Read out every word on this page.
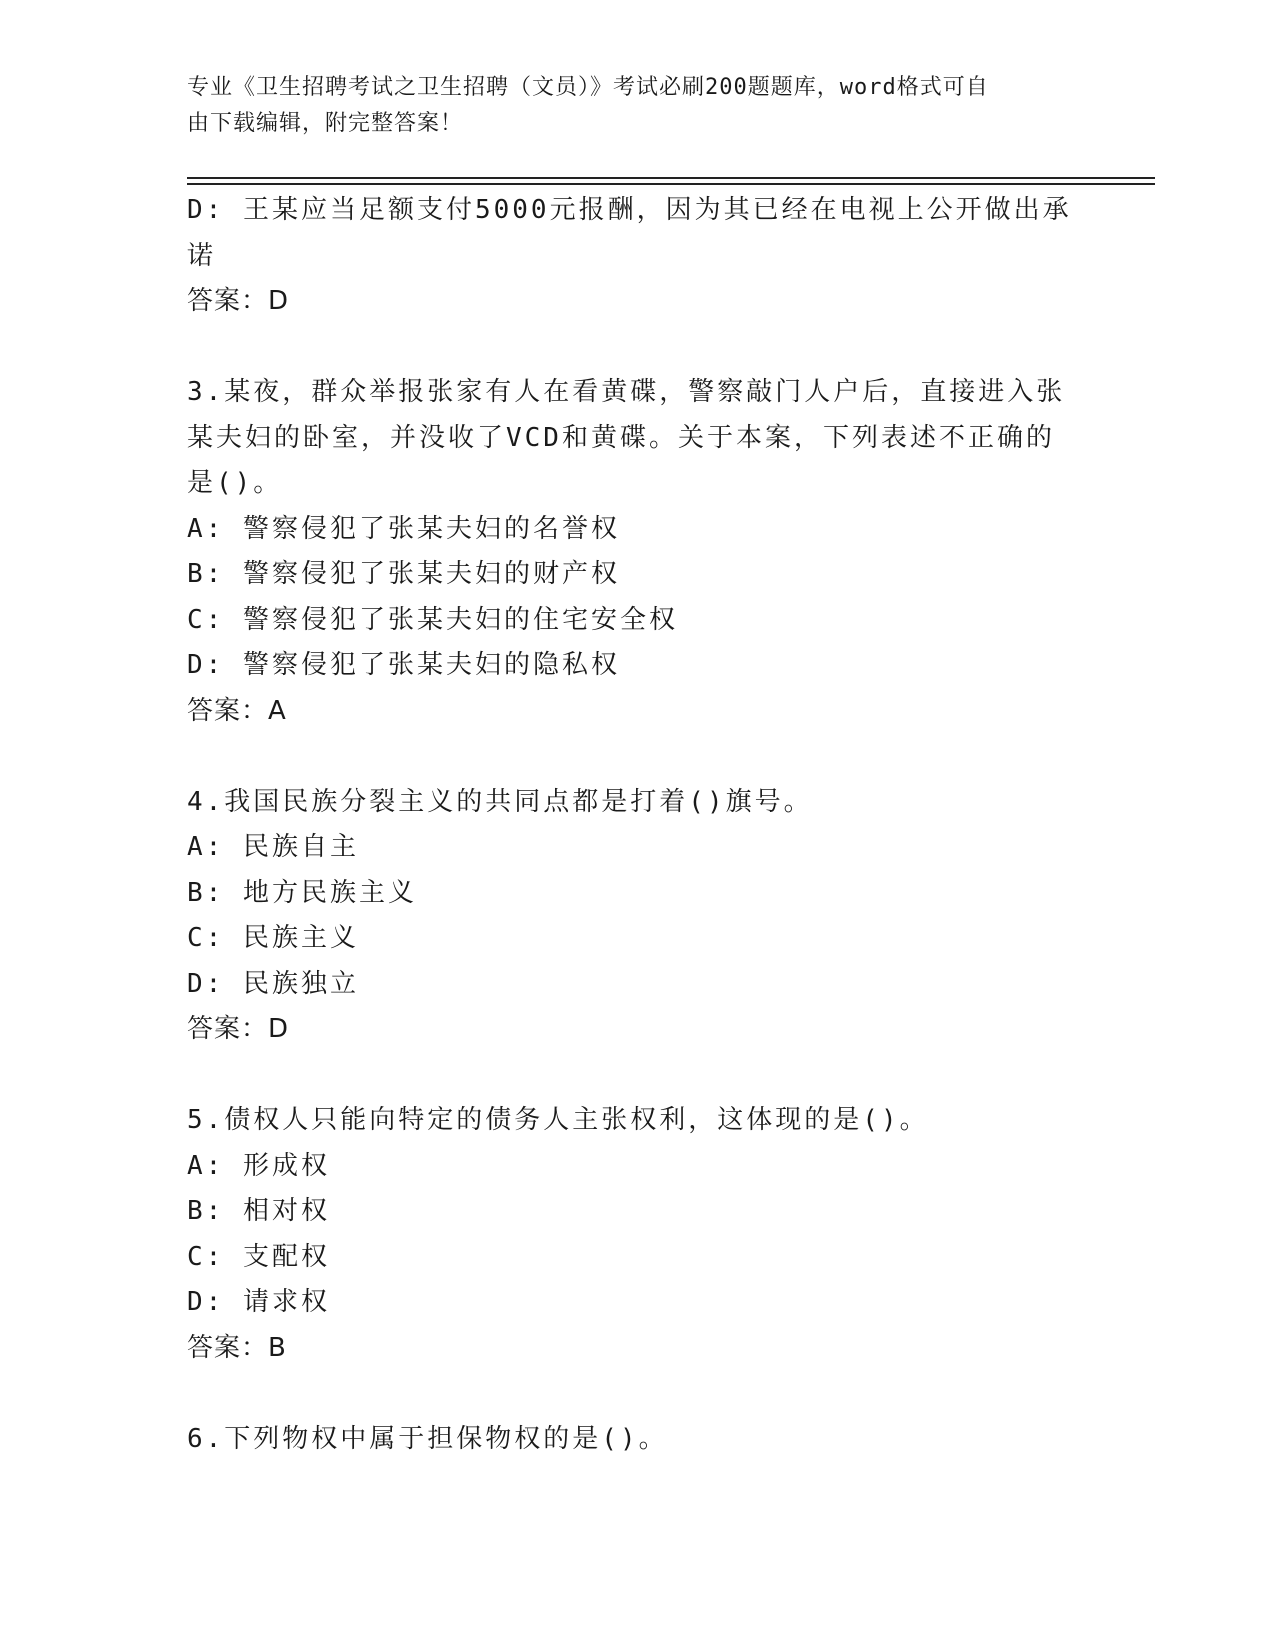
专业《卫生招聘考试之卫生招聘（文员）》考试必刷200题题库，word格式可自
由下载编辑，附完整答案！
D: 王某应当足额支付5000元报酬，因为其已经在电视上公开做出承
诺
答案：D
3.某夜，群众举报张家有人在看黄碟，警察敲门人户后，直接进入张
某夫妇的卧室，并没收了VCD和黄碟。关于本案，下列表述不正确的
是()。
A: 警察侵犯了张某夫妇的名誉权
B: 警察侵犯了张某夫妇的财产权
C: 警察侵犯了张某夫妇的住宅安全权
D: 警察侵犯了张某夫妇的隐私权
答案：A
4.我国民族分裂主义的共同点都是打着()旗号。
A: 民族自主
B: 地方民族主义
C: 民族主义
D: 民族独立
答案：D
5.债权人只能向特定的债务人主张权利，这体现的是()。
A: 形成权
B: 相对权
C: 支配权
D: 请求权
答案：B
6.下列物权中属于担保物权的是()。
